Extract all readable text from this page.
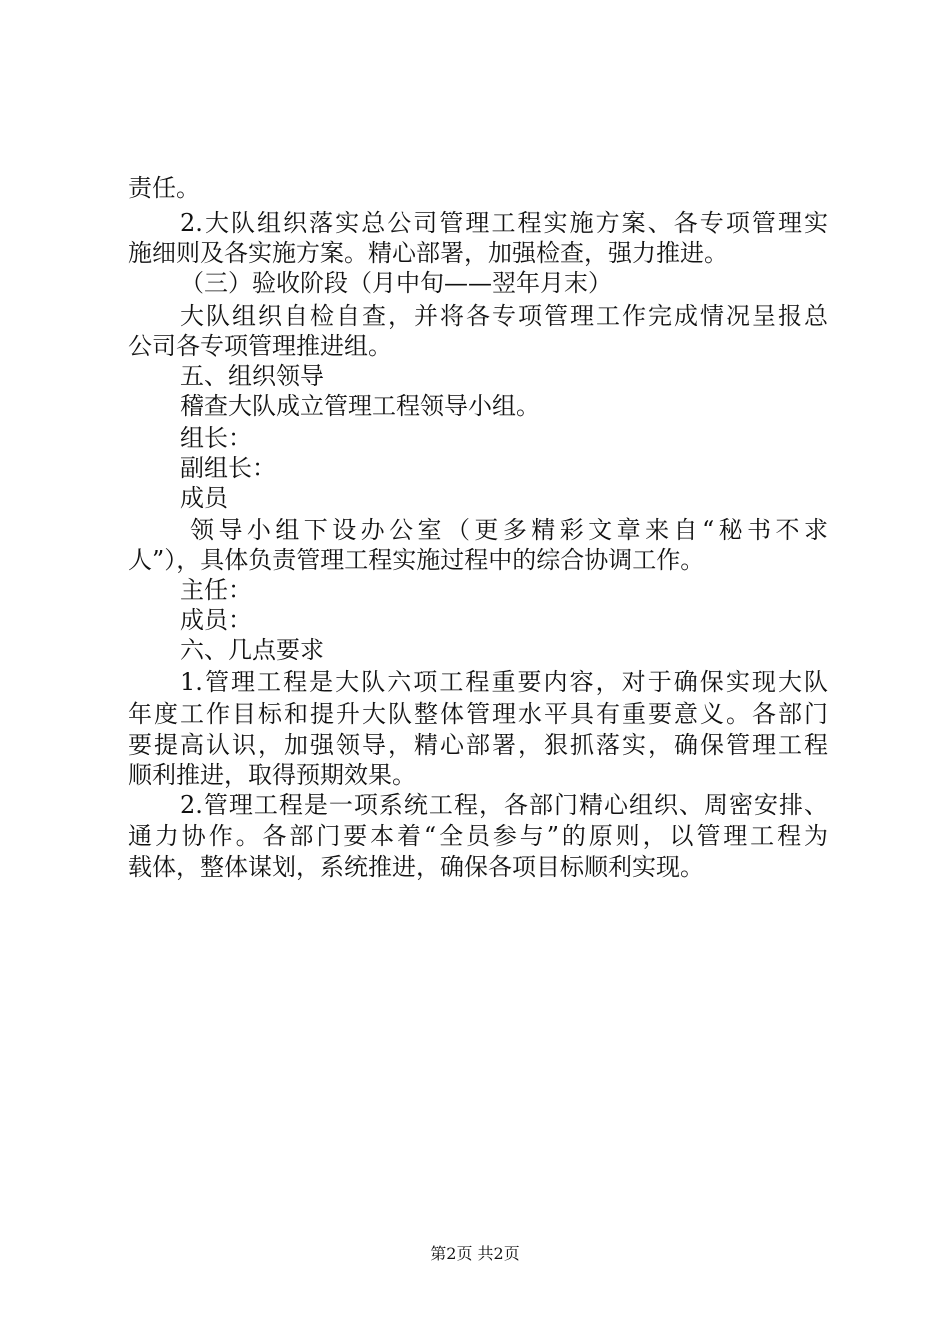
责任。
2.大队组织落实总公司管理工程实施方案、各专项管理实
施细则及各实施方案。精心部署，加强检查，强力推进。
（三）验收阶段（月中旬——翌年月末）
大队组织自检自查，并将各专项管理工作完成情况呈报总
公司各专项管理推进组。
五、组织领导
稽查大队成立管理工程领导小组。
组长：
副组长：
成员
领导小组下设办公室（更多精彩文章来自“秘书不求
人”），具体负责管理工程实施过程中的综合协调工作。
主任：
成员：
六、几点要求
1.管理工程是大队六项工程重要内容，对于确保实现大队
年度工作目标和提升大队整体管理水平具有重要意义。各部门
要提高认识，加强领导，精心部署，狠抓落实，确保管理工程
顺利推进，取得预期效果。
2.管理工程是一项系统工程，各部门精心组织、周密安排、
通力协作。各部门要本着“全员参与”的原则，以管理工程为
载体，整体谋划，系统推进，确保各项目标顺利实现。
第2页 共2页
